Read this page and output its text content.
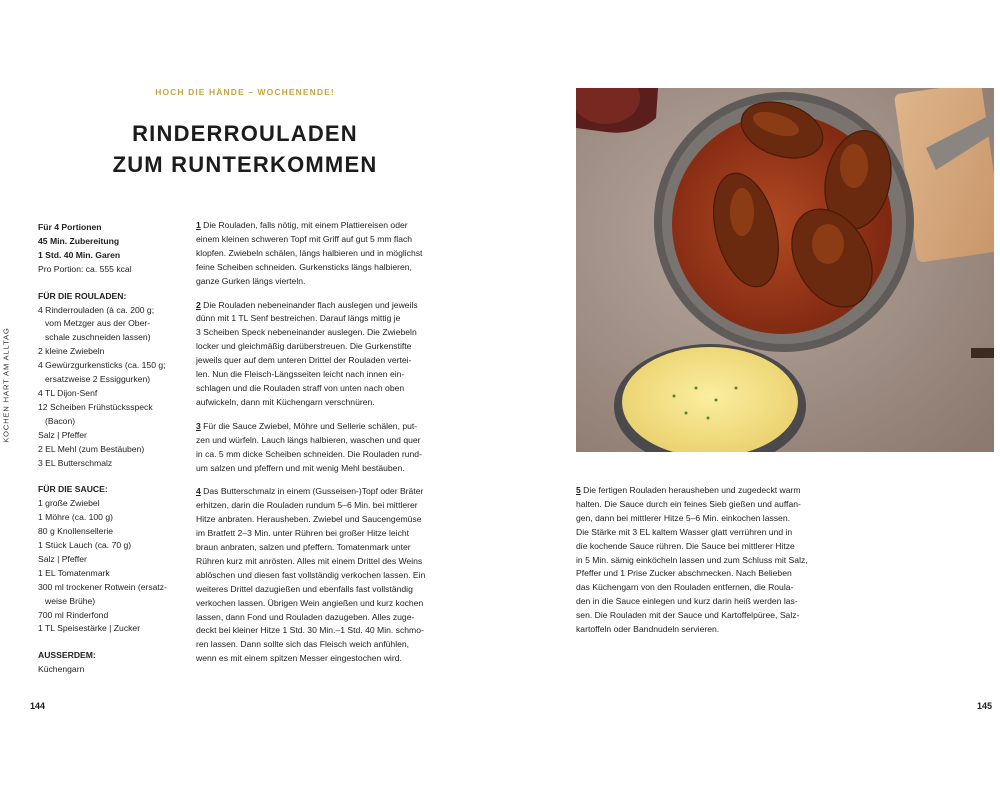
KOCHEN HART AM ALLTAG
HOCH DIE HÄNDE – WOCHENENDE!
RINDERROULADEN
ZUM RUNTERKOMMEN
Für 4 Portionen
45 Min. Zubereitung
1 Std. 40 Min. Garen
Pro Portion: ca. 555 kcal
FÜR DIE ROULADEN:
4 Rinderrouladen (à ca. 200 g;
vom Metzger aus der Ober-
schale zuschneiden lassen)
2 kleine Zwiebeln
4 Gewürzgurkensticks (ca. 150 g;
ersatzweise 2 Essiggurken)
4 TL Dijon-Senf
12 Scheiben Frühstücksspeck
(Bacon)
Salz | Pfeffer
2 EL Mehl (zum Bestäuben)
3 EL Butterschmalz
FÜR DIE SAUCE:
1 große Zwiebel
1 Möhre (ca. 100 g)
80 g Knollensellerie
1 Stück Lauch (ca. 70 g)
Salz | Pfeffer
1 EL Tomatenmark
300 ml trockener Rotwein (ersatz-
weise Brühe)
700 ml Rinderfond
1 TL Speisestärke | Zucker
AUSSERDEM:
Küchengarn
1 Die Rouladen, falls nötig, mit einem Plattiereisen oder
einem kleinen schweren Topf mit Griff auf gut 5 mm flach
klopfen. Zwiebeln schälen, längs halbieren und in möglichst
feine Scheiben schneiden. Gurkensticks längs halbieren,
ganze Gurken längs vierteln.
2 Die Rouladen nebeneinander flach auslegen und jeweils
dünn mit 1 TL Senf bestreichen. Darauf längs mittig je
3 Scheiben Speck nebeneinander auslegen. Die Zwiebeln
locker und gleichmäßig darüberstreuen. Die Gurkenstifte
jeweils quer auf dem unteren Drittel der Rouladen vertei-
len. Nun die Fleisch-Längsseiten leicht nach innen ein-
schlagen und die Rouladen straff von unten nach oben
aufwickeln, dann mit Küchengarn verschnüren.
3 Für die Sauce Zwiebel, Möhre und Sellerie schälen, put-
zen und würfeln. Lauch längs halbieren, waschen und quer
in ca. 5 mm dicke Scheiben schneiden. Die Rouladen rund-
um salzen und pfeffern und mit wenig Mehl bestäuben.
4 Das Butterschmalz in einem (Gusseisen-)Topf oder Bräter
erhitzen, darin die Rouladen rundum 5–6 Min. bei mittlerer
Hitze anbraten. Herausheben. Zwiebel und Saucengemüse
im Bratfett 2–3 Min. unter Rühren bei großer Hitze leicht
braun anbraten, salzen und pfeffern. Tomatenmark unter
Rühren kurz mit anrösten. Alles mit einem Drittel des Weins
ablöschen und diesen fast vollständig verkochen lassen. Ein
weiteres Drittel dazugießen und ebenfalls fast vollständig
verkochen lassen. Übrigen Wein angießen und kurz kochen
lassen, dann Fond und Rouladen dazugeben. Alles zuge-
deckt bei kleiner Hitze 1 Std. 30 Min.–1 Std. 40 Min. schmo-
ren lassen. Dann sollte sich das Fleisch weich anfühlen,
wenn es mit einem spitzen Messer eingestochen wird.
5 Die fertigen Rouladen herausheben und zugedeckt warm
halten. Die Sauce durch ein feines Sieb gießen und auffan-
gen, dann bei mittlerer Hitze 5–6 Min. einkochen lassen.
Die Stärke mit 3 EL kaltem Wasser glatt verrühren und in
die kochende Sauce rühren. Die Sauce bei mittlerer Hitze
in 5 Min. sämig einköcheln lassen und zum Schluss mit Salz,
Pfeffer und 1 Prise Zucker abschmecken. Nach Belieben
das Küchengarn von den Rouladen entfernen, die Roula-
den in die Sauce einlegen und kurz darin heiß werden las-
sen. Die Rouladen mit der Sauce und Kartoffelpüree, Salz-
kartoffeln oder Bandnudeln servieren.
144	145
